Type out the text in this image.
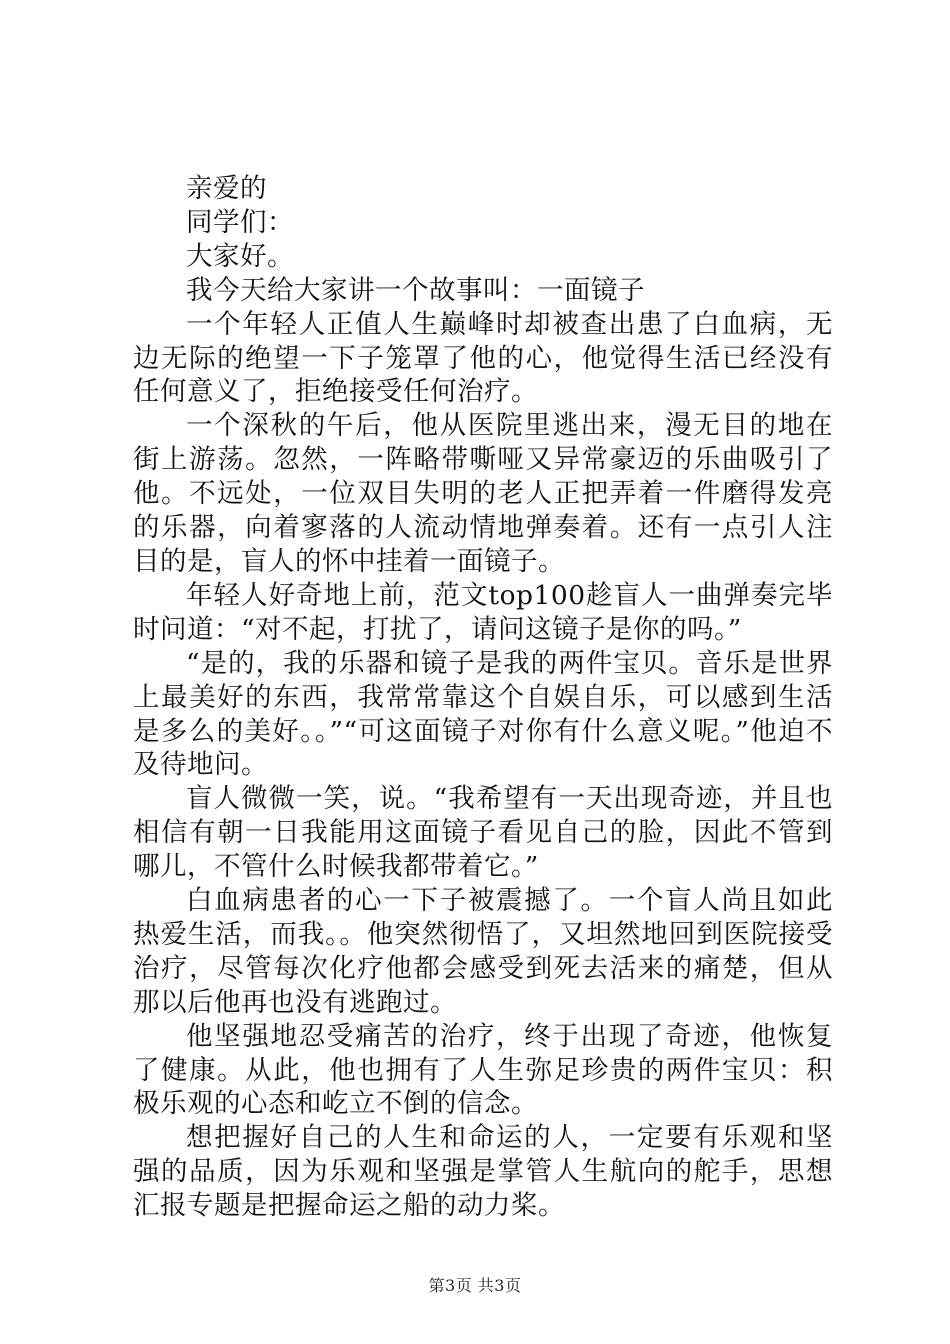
亲爱的

同学们：

大家好。

我今天给大家讲一个故事叫：一面镜子

一个年轻人正值人生巅峰时却被查出患了白血病，无边无际的绝望一下子笼罩了他的心，他觉得生活已经没有任何意义了，拒绝接受任何治疗。

一个深秋的午后，他从医院里逃出来，漫无目的地在街上游荡。忽然，一阵略带嘶哑又异常豪迈的乐曲吸引了他。不远处，一位双目失明的老人正把弄着一件磨得发亮的乐器，向着寥落的人流动情地弹奏着。还有一点引人注目的是，盲人的怀中挂着一面镜子。

年轻人好奇地上前，范文top100趁盲人一曲弹奏完毕时问道：“对不起，打扰了，请问这镜子是你的吗。”

“是的，我的乐器和镜子是我的两件宝贝。音乐是世界上最美好的东西，我常常靠这个自娱自乐，可以感到生活是多么的美好。。”“可这面镜子对你有什么意义呢。”他迫不及待地问。

盲人微微一笑，说。“我希望有一天出现奇迹，并且也相信有朝一日我能用这面镜子看见自己的脸，因此不管到哪儿，不管什么时候我都带着它。”

白血病患者的心一下子被震撼了。一个盲人尚且如此热爱生活，而我。。他突然彻悟了，又坦然地回到医院接受治疗，尽管每次化疗他都会感受到死去活来的痛楚，但从那以后他再也没有逃跑过。

他坚强地忍受痛苦的治疗，终于出现了奇迹，他恢复了健康。从此，他也拥有了人生弥足珍贵的两件宝贝：积极乐观的心态和屹立不倒的信念。

想把握好自己的人生和命运的人，一定要有乐观和坚强的品质，因为乐观和坚强是掌管人生航向的舵手，思想汇报专题是把握命运之船的动力桨。

第3页 共3页
